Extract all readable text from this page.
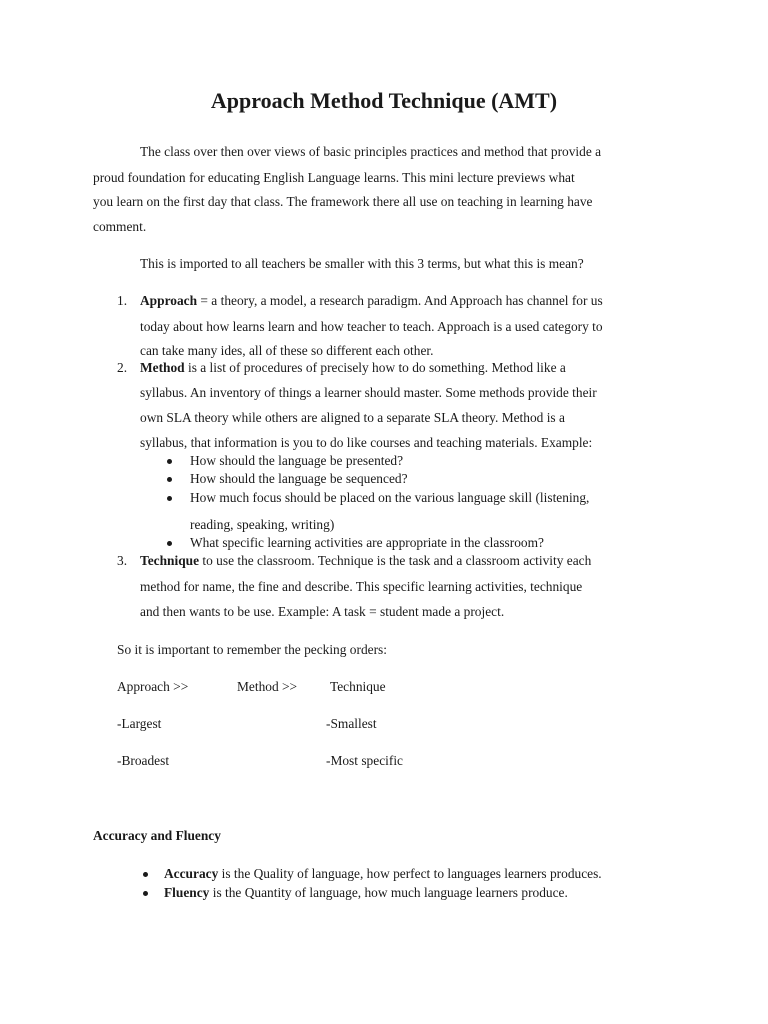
Approach Method Technique (AMT)
The class over then over views of basic principles practices and method that provide a
proud foundation for educating English Language learns. This mini lecture previews what
you learn on the first day that class. The framework there all use on teaching in learning have
comment.
This is imported to all teachers be smaller with this 3 terms, but what this is mean?
1. Approach = a theory, a model, a research paradigm. And Approach has channel for us
today about how learns learn and how teacher to teach. Approach is a used category to
can take many ides, all of these so different each other.
2. Method is a list of procedures of precisely how to do something. Method like a
syllabus. An inventory of things a learner should master. Some methods provide their
own SLA theory while others are aligned to a separate SLA theory. Method is a
syllabus, that information is you to do like courses and teaching materials. Example:
How should the language be presented?
How should the language be sequenced?
How much focus should be placed on the various language skill (listening,
reading, speaking, writing)
What specific learning activities are appropriate in the classroom?
3. Technique to use the classroom. Technique is the task and a classroom activity each
method for name, the fine and describe. This specific learning activities, technique
and then wants to be use. Example: A task = student made a project.
So it is important to remember the pecking orders:
Approach >>	Method >> Technique
-Largest	-Smallest
-Broadest	-Most specific
Accuracy and Fluency
Accuracy is the Quality of language, how perfect to languages learners produces.
Fluency is the Quantity of language, how much language learners produce.
